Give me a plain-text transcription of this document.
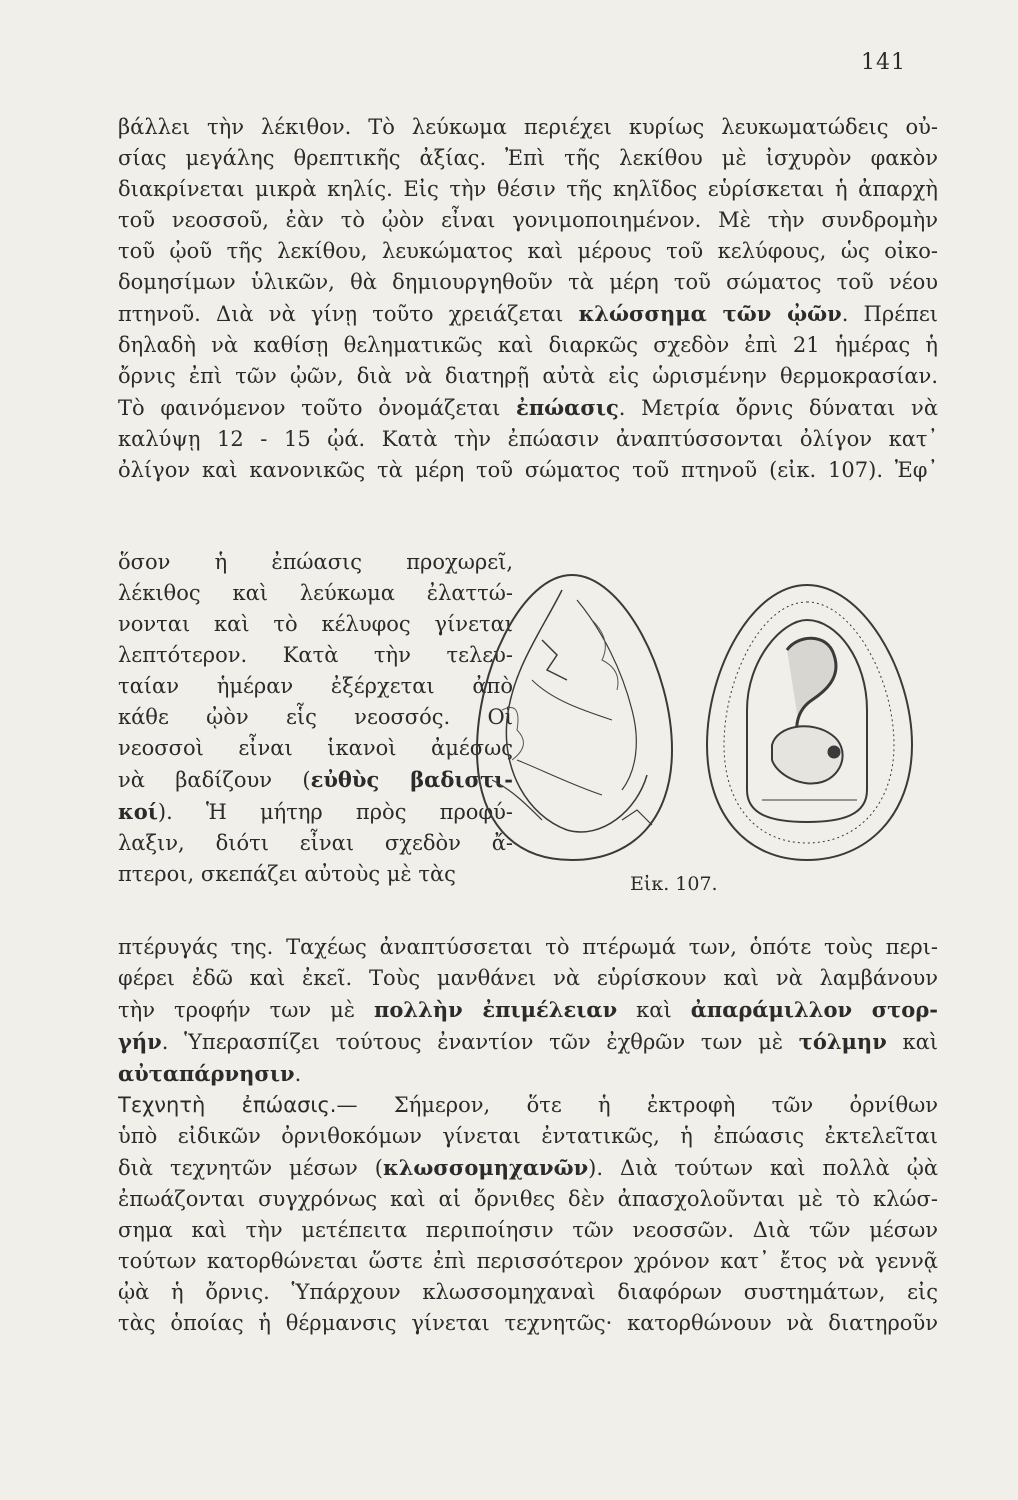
141
βάλλει τὴν λέκιθον. Τὸ λεύκωμα περιέχει κυρίως λευκωματώδεις οὐ-
σίας μεγάλης θρεπτικῆς ἀξίας. Ἐπὶ τῆς λεκίθου μὲ ἰσχυρὸν φακὸν
διακρίνεται μικρὰ κηλίς. Εἰς τὴν θέσιν τῆς κηλῖδος εὑρίσκεται ἡ ἀπαρχὴ
τοῦ νεοσσοῦ, ἐὰν τὸ ᾠὸν εἶναι γονιμοποιημένον. Μὲ τὴν συνδρομὴν
τοῦ ᾠοῦ τῆς λεκίθου, λευκώματος καὶ μέρους τοῦ κελύφους, ὡς οἰκο-
δομησίμων ὑλικῶν, θὰ δημιουργηθοῦν τὰ μέρη τοῦ σώματος τοῦ νέου
πτηνοῦ. Διὰ νὰ γίνῃ τοῦτο χρειάζεται κλώσσημα τῶν ᾠῶν. Πρέπει
δηλαδὴ νὰ καθίσῃ θεληματικῶς καὶ διαρκῶς σχεδὸν ἐπὶ 21 ἡμέρας ἡ
ὄρνις ἐπὶ τῶν ᾠῶν, διὰ νὰ διατηρῇ αὐτὰ εἰς ὡρισμένην θερμοκρασίαν.
Τὸ φαινόμενον τοῦτο ὀνομάζεται ἐπώασις. Μετρία ὄρνις δύναται νὰ
καλύψῃ 12 - 15 ᾠά. Κατὰ τὴν ἐπώασιν ἀναπτύσσονται ὀλίγον κατ᾽
ὀλίγον καὶ κανονικῶς τὰ μέρη τοῦ σώματος τοῦ πτηνοῦ (εἰκ. 107). Ἐφ᾽
ὅσον ἡ ἐπώασις προχωρεῖ,
λέκιθος καὶ λεύκωμα ἐλαττώ-
νονται καὶ τὸ κέλυφος γίνεται
λεπτότερον. Κατὰ τὴν τελευ-
ταίαν ἡμέραν ἐξέρχεται ἀπὸ
κάθε ᾠὸν εἷς νεοσσός. Οἱ
νεοσσοὶ εἶναι ἱκανοὶ ἀμέσως
νὰ βαδίζουν (εὐθὺς βαδιστι-
κοί). Ἡ μήτηρ πρὸς προφύ-
λαξιν, διότι εἶναι σχεδὸν ἄ-
πτεροι, σκεπάζει αὐτοὺς μὲ τὰς	Εἰκ. 107.
πτέρυγάς της. Ταχέως ἀναπτύσσεται τὸ πτέρωμά των, ὁπότε τοὺς περι-
φέρει ἐδῶ καὶ ἐκεῖ. Τοὺς μανθάνει νὰ εὑρίσκουν καὶ νὰ λαμβάνουν
τὴν τροφήν των μὲ πολλὴν ἐπιμέλειαν καὶ ἀπαράμιλλον στορ-
γήν. Ὑπερασπίζει τούτους ἐναντίον τῶν ἐχθρῶν των μὲ τόλμην καὶ
αὐταπάρνησιν.
Τεχνητὴ ἐπώασις.— Σήμερον, ὅτε ἡ ἐκτροφὴ τῶν ὀρνίθων
ὑπὸ εἰδικῶν ὀρνιθοκόμων γίνεται ἐντατικῶς, ἡ ἐπώασις ἐκτελεῖται
διὰ τεχνητῶν μέσων (κλωσσομηχανῶν). Διὰ τούτων καὶ πολλὰ ᾠὰ
ἐπωάζονται συγχρόνως καὶ αἱ ὄρνιθες δὲν ἀπασχολοῦνται μὲ τὸ κλώσ-
σημα καὶ τὴν μετέπειτα περιποίησιν τῶν νεοσσῶν. Διὰ τῶν μέσων
τούτων κατορθώνεται ὥστε ἐπὶ περισσότερον χρόνον κατ᾽ ἔτος νὰ γεννᾷ
ᾠὰ ἡ ὄρνις. Ὑπάρχουν κλωσσομηχαναὶ διαφόρων συστημάτων, εἰς
τὰς ὁποίας ἡ θέρμανσις γίνεται τεχνητῶς· κατορθώνουν νὰ διατηροῦν
